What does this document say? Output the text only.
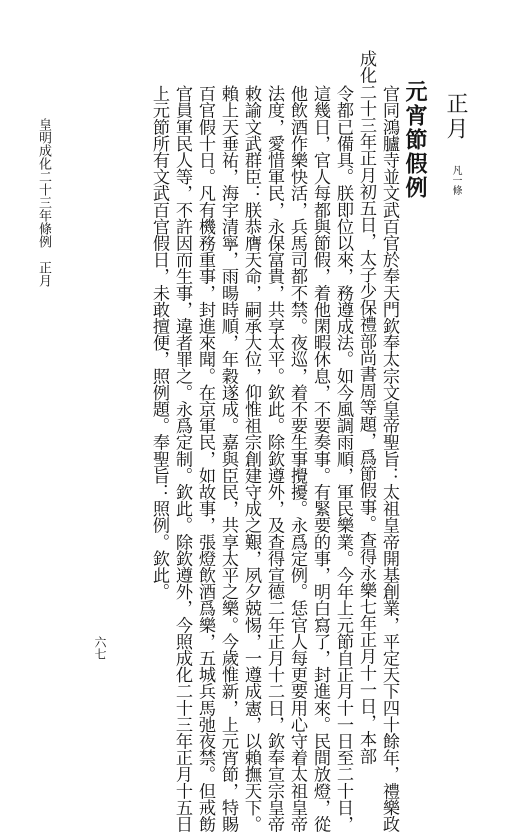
正月 凡一條
元宵節假例
成化二十三年正月初五日，太子少保禮部尚書周等題，爲節假事。查得永樂七年正月十一日，本部 官同鴻臚寺並文武百官於奉天門欽奉太宗文皇帝聖旨：太祖皇帝開基創業，平定天下四十餘年，禮樂政
令都已備具。朕即位以來，務遵成法。如今風調雨順，軍民樂業。今年上元節自正月十一日至二十日，
這幾日，官人每都與節假，着他閑暇休息，不要奏事。有緊要的事，明白寫了，封進來。民間放燈，從
他飲酒作樂快活，兵馬司都不禁。夜巡，着不要生事攪擾。永爲定例。恁官人每更要用心守着太祖皇帝
法度，愛惜軍民，永保富貴，共享太平。欽此。除欽遵外，及查得宣德二年正月十二日，欽奉宣宗皇帝
敕諭文武群臣：朕恭膺天命，嗣承大位，仰惟祖宗創建守成之艱，夙夕兢惕，一遵成憲，以賴撫天下。
賴上天垂祐，海宇清寧，雨暘時順，年穀遂成。嘉與臣民，共享太平之樂。今歲惟新，上元宵節，特賜
百官假十日。凡有機務重事，封進來聞。在京軍民，如故事，張燈飲酒爲樂，五城兵馬弛夜禁。但戒飭
官員軍民人等，不許因而生事，違者罪之。永爲定制。欽此。除欽遵外，今照成化二十三年正月十五日
上元節所有文武百官假日，未敢擅便，照例題。奉聖旨：照例。欽此。
皇明成化二十三年條例　正月
六七
